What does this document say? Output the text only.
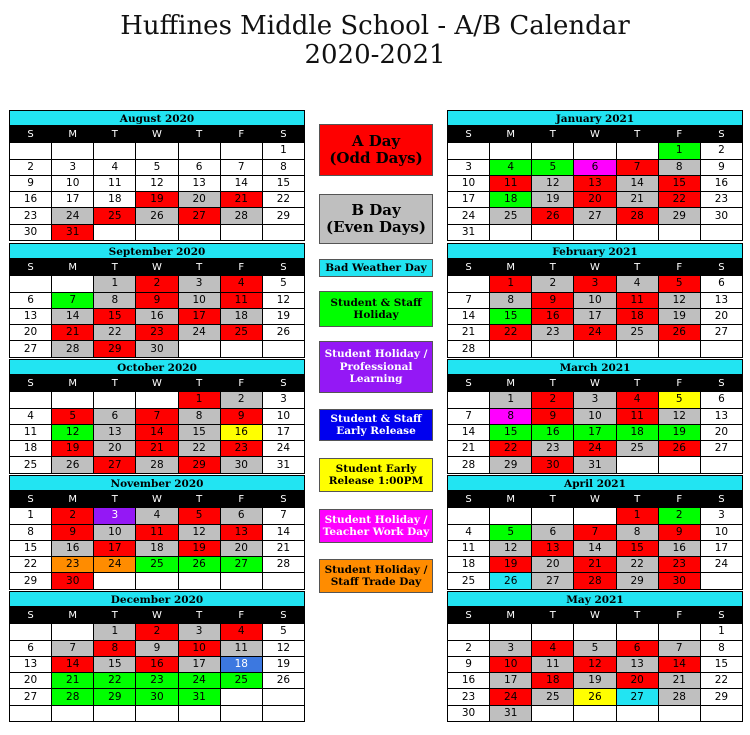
Huffines Middle School - A/B Calendar
2020-2021
August 2020
S	M	T	W	T	F	S
						1
2	3	4	5	6	7	8
9	10	11	12	13	14	15
16	17	18	19	20	21	22
23	24	25	26	27	28	29
30	31					
September 2020
S	M	T	W	T	F	S
		1	2	3	4	5
6	7	8	9	10	11	12
13	14	15	16	17	18	19
20	21	22	23	24	25	26
27	28	29	30			
October 2020
S	M	T	W	T	F	S
				1	2	3
4	5	6	7	8	9	10
11	12	13	14	15	16	17
18	19	20	21	22	23	24
25	26	27	28	29	30	31
November 2020
S	M	T	W	T	F	S
1	2	3	4	5	6	7
8	9	10	11	12	13	14
15	16	17	18	19	20	21
22	23	24	25	26	27	28
29	30					
December 2020
S	M	T	W	T	F	S
		1	2	3	4	5
6	7	8	9	10	11	12
13	14	15	16	17	18	19
20	21	22	23	24	25	26
27	28	29	30	31		

January 2021
S	M	T	W	T	F	S
					1	2
3	4	5	6	7	8	9
10	11	12	13	14	15	16
17	18	19	20	21	22	23
24	25	26	27	28	29	30
31						
February 2021
S	M	T	W	T	F	S
	1	2	3	4	5	6
7	8	9	10	11	12	13
14	15	16	17	18	19	20
21	22	23	24	25	26	27
28						
March 2021
S	M	T	W	T	F	S
	1	2	3	4	5	6
7	8	9	10	11	12	13
14	15	16	17	18	19	20
21	22	23	24	25	26	27
28	29	30	31			
April 2021
S	M	T	W	T	F	S
				1	2	3
4	5	6	7	8	9	10
11	12	13	14	15	16	17
18	19	20	21	22	23	24
25	26	27	28	29	30	
May 2021
S	M	T	W	T	F	S
						1
2	3	4	5	6	7	8
9	10	11	12	13	14	15
16	17	18	19	20	21	22
23	24	25	26	27	28	29
30	31					
A Day
(Odd Days)
B Day
(Even Days)
Bad Weather Day
Student & Staff
Holiday
Student Holiday /
Professional
Learning
Student & Staff
Early Release
Student Early
Release 1:00PM
Student Holiday /
Teacher Work Day
Student Holiday /
Staff Trade Day
